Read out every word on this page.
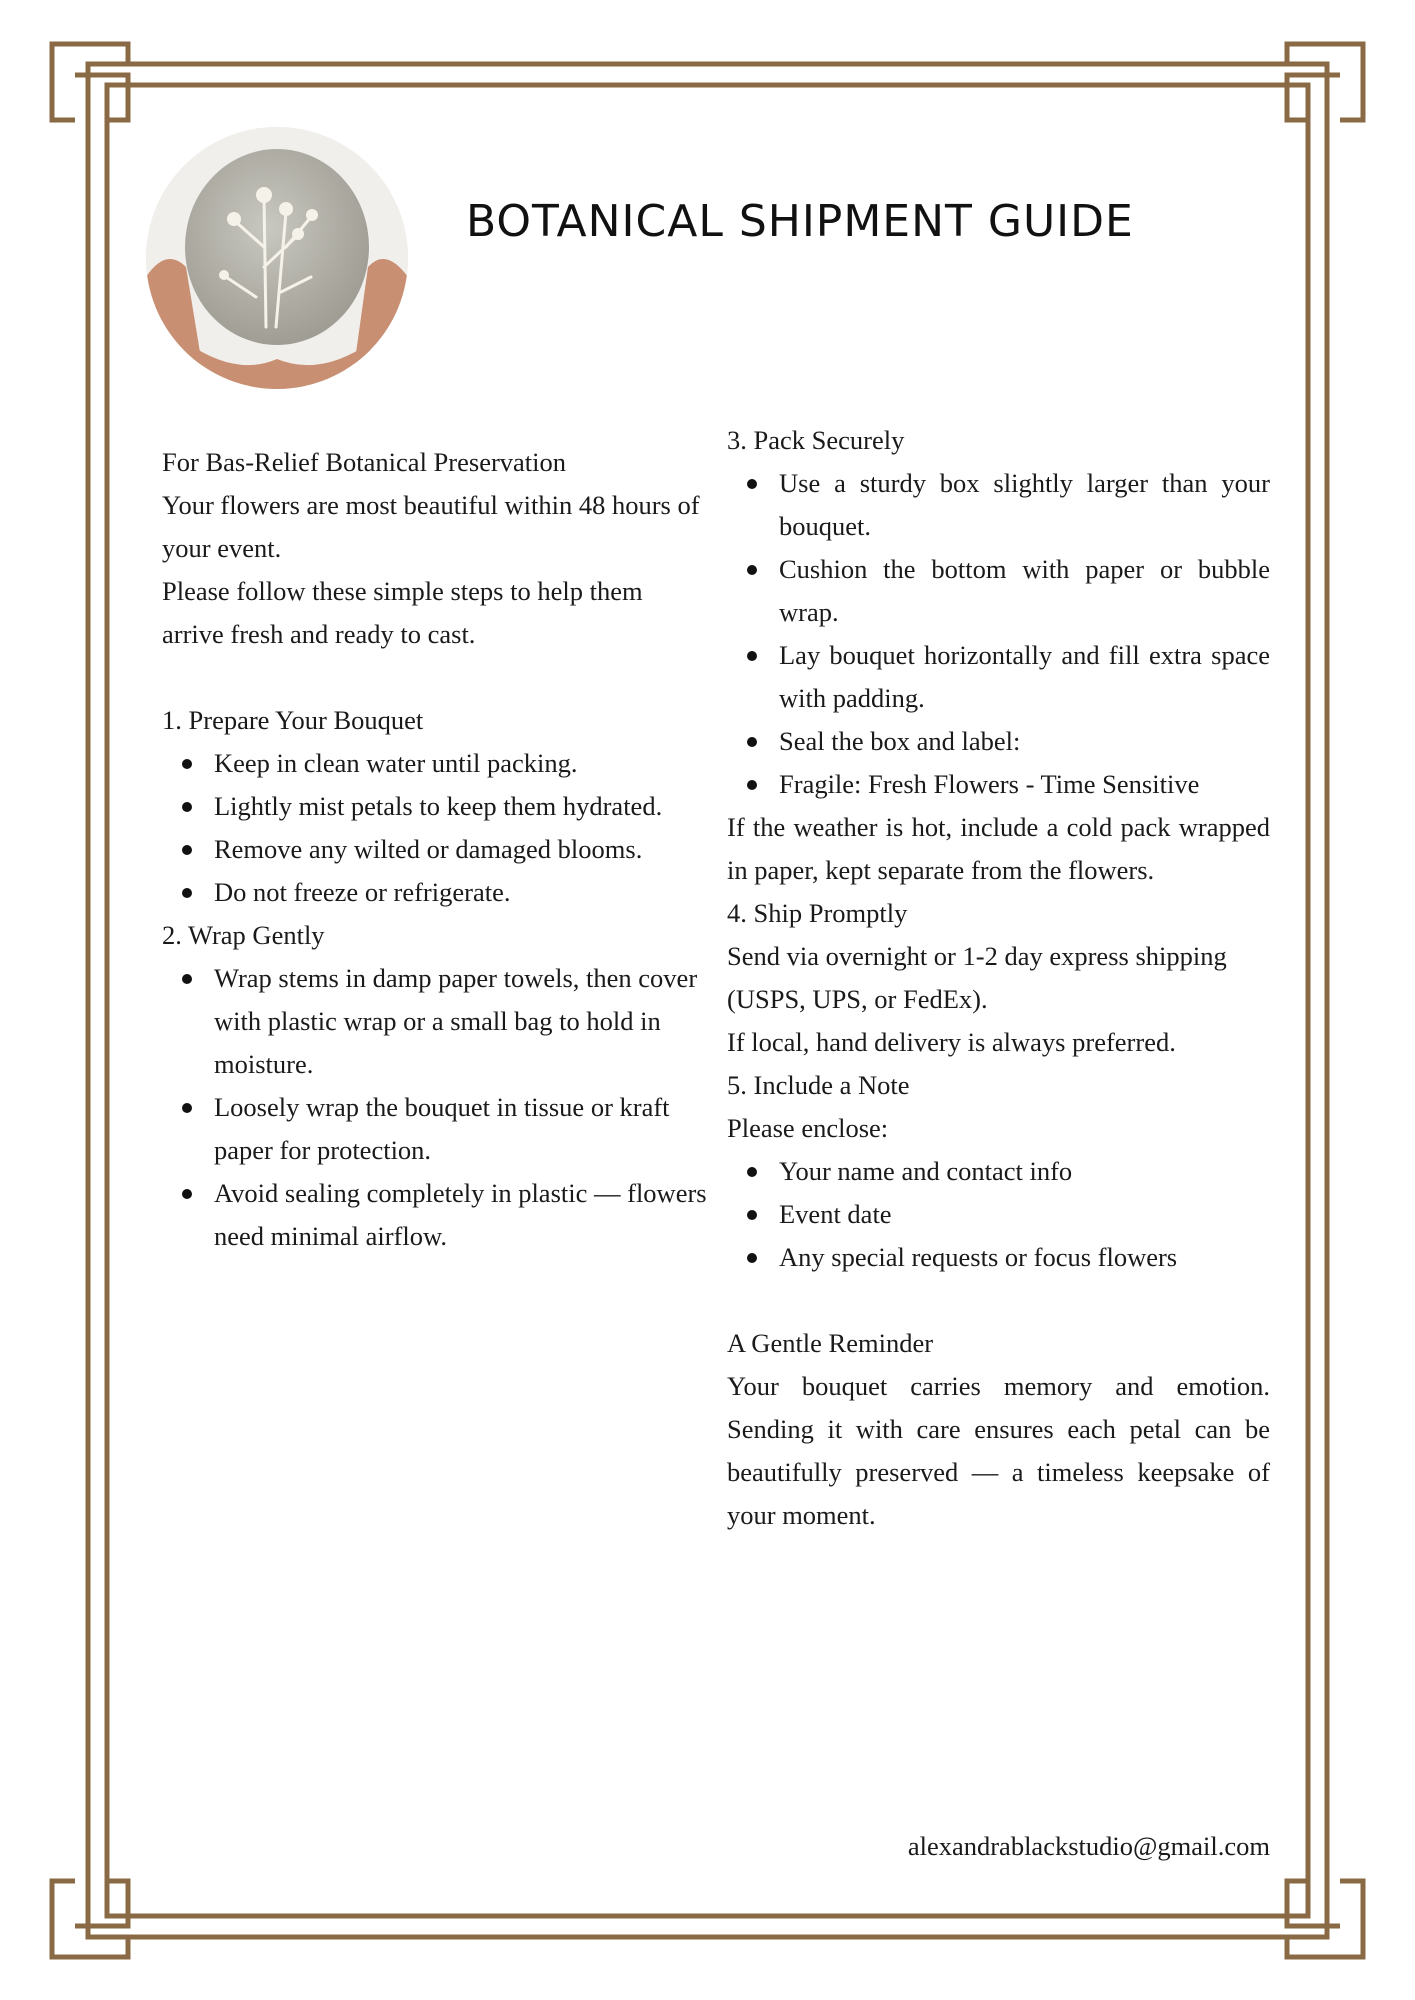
BOTANICAL SHIPMENT GUIDE

For Bas-Relief Botanical Preservation

Your flowers are most beautiful within 48 hours of your event.

Please follow these simple steps to help them arrive fresh and ready to cast.

1. Prepare Your Bouquet

Keep in clean water until packing.
Lightly mist petals to keep them hydrated.
Remove any wilted or damaged blooms.
Do not freeze or refrigerate.

2. Wrap Gently

Wrap stems in damp paper towels, then cover with plastic wrap or a small bag to hold in moisture.
Loosely wrap the bouquet in tissue or kraft paper for protection.
Avoid sealing completely in plastic — flowers need minimal airflow.

3. Pack Securely

Use a sturdy box slightly larger than your bouquet.
Cushion the bottom with paper or bubble wrap.
Lay bouquet horizontally and fill extra space with padding.
Seal the box and label:
Fragile: Fresh Flowers - Time Sensitive

If the weather is hot, include a cold pack wrapped in paper, kept separate from the flowers.

4. Ship Promptly

Send via overnight or 1-2 day express shipping (USPS, UPS, or FedEx).

If local, hand delivery is always preferred.

5. Include a Note

Please enclose:

Your name and contact info
Event date
Any special requests or focus flowers

A Gentle Reminder

Your bouquet carries memory and emotion. Sending it with care ensures each petal can be beautifully preserved — a timeless keepsake of your moment.

alexandrablackstudio@gmail.com
